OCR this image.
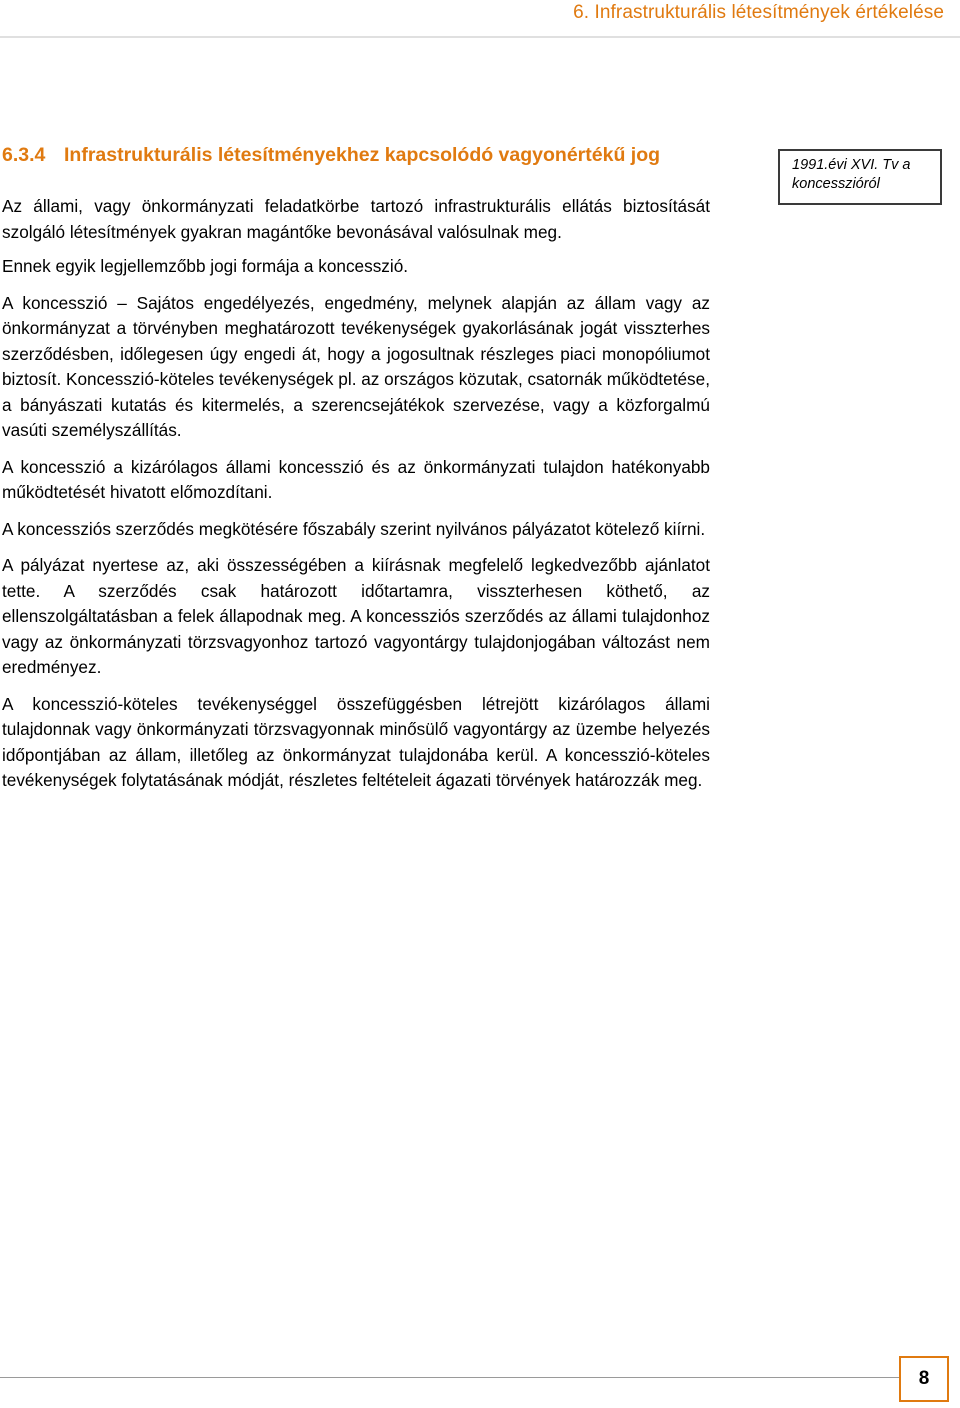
6. Infrastrukturális létesítmények értékelése
6.3.4 Infrastrukturális létesítményekhez kapcsolódó vagyonértékű jog	1991.évi XVI. Tv a koncesszióról

Az állami, vagy önkormányzati feladatkörbe tartozó infrastrukturális ellátás biztosítását szolgáló létesítmények gyakran magántőke bevonásával valósulnak meg.

Ennek egyik legjellemzőbb jogi formája a koncesszió.

A koncesszió – Sajátos engedélyezés, engedmény, melynek alapján az állam vagy az önkormányzat a törvényben meghatározott tevékenységek gyakorlásának jogát visszterhes szerződésben, időlegesen úgy engedi át, hogy a jogosultnak részleges piaci monopóliumot biztosít. Koncesszió-köteles tevékenységek pl. az országos közutak, csatornák működtetése, a bányászati kutatás és kitermelés, a szerencsejátékok szervezése, vagy a közforgalmú vasúti személyszállítás.

A koncesszió a kizárólagos állami koncesszió és az önkormányzati tulajdon hatékonyabb működtetését hivatott előmozdítani.

A koncessziós szerződés megkötésére főszabály szerint nyilvános pályázatot kötelező kiírni.

A pályázat nyertese az, aki összességében a kiírásnak megfelelő legkedvezőbb ajánlatot tette. A szerződés csak határozott időtartamra, visszterhesen köthető, az ellenszolgáltatásban a felek állapodnak meg. A koncessziós szerződés az állami tulajdonhoz vagy az önkormányzati törzsvagyonhoz tartozó vagyontárgy tulajdonjogában változást nem eredményez.

A koncesszió-köteles tevékenységgel összefüggésben létrejött kizárólagos állami tulajdonnak vagy önkormányzati törzsvagyonnak minősülő vagyontárgy az üzembe helyezés időpontjában az állam, illetőleg az önkormányzat tulajdonába kerül. A koncesszió-köteles tevékenységek folytatásának módját, részletes feltételeit ágazati törvények határozzák meg.

8
